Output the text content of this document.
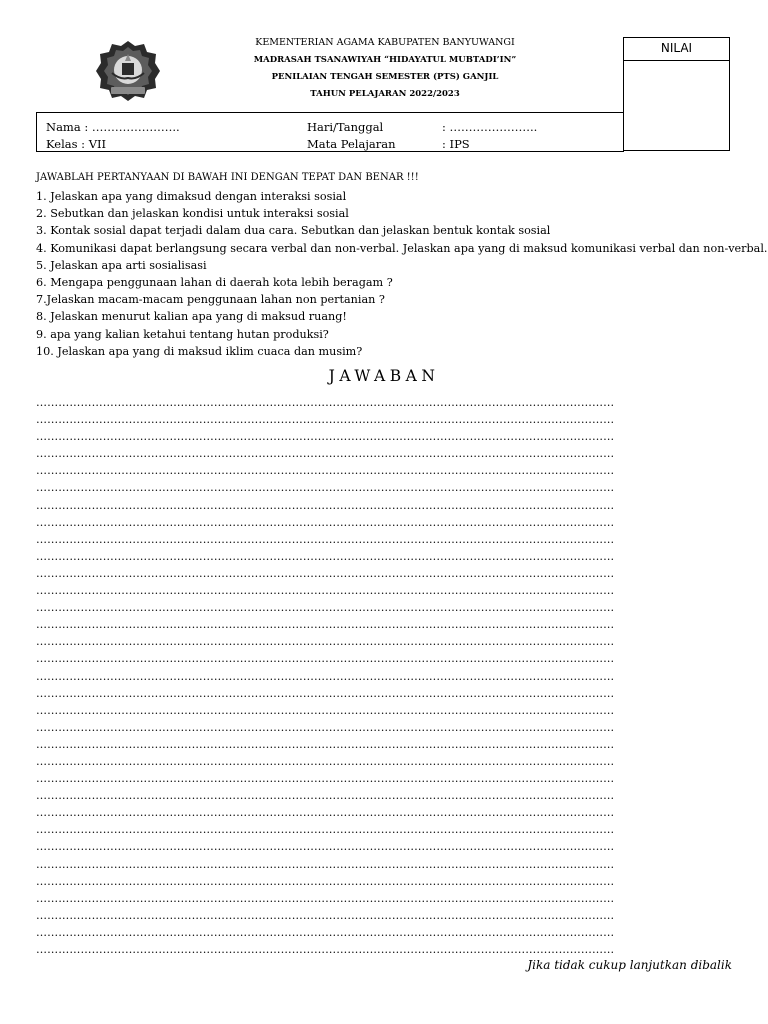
KEMENTERIAN AGAMA KABUPATEN BANYUWANGI
MADRASAH TSANAWIYAH “HIDAYATUL MUBTADI’IN”
PENILAIAN TENGAH SEMESTER (PTS) GANJIL
TAHUN PELAJARAN 2022/2023
NILAI
Nama : …………………..	Hari/Tanggal	: …………………..
Kelas : VII	Mata Pelajaran	: IPS
JAWABLAH PERTANYAAN DI BAWAH INI DENGAN TEPAT DAN BENAR !!!
1. Jelaskan apa yang dimaksud dengan interaksi sosial
2. Sebutkan dan jelaskan kondisi untuk interaksi sosial
3. Kontak sosial dapat terjadi dalam dua cara. Sebutkan dan jelaskan bentuk kontak sosial
4. Komunikasi dapat berlangsung secara verbal dan non-verbal. Jelaskan apa yang di maksud komunikasi verbal dan non-verbal.
5. Jelaskan apa arti sosialisasi
6. Mengapa penggunaan lahan di daerah kota lebih beragam ?
7.Jelaskan macam-macam penggunaan lahan non pertanian ?
8. Jelaskan menurut kalian apa yang di maksud ruang!
9. apa yang kalian ketahui tentang hutan produksi?
10. Jelaskan apa yang di maksud iklim cuaca dan musim?
JAWABAN
…………………………………………………………………………………………………………………………………………
…………………………………………………………………………………………………………………………………………
…………………………………………………………………………………………………………………………………………
…………………………………………………………………………………………………………………………………………
…………………………………………………………………………………………………………………………………………
…………………………………………………………………………………………………………………………………………
…………………………………………………………………………………………………………………………………………
…………………………………………………………………………………………………………………………………………
…………………………………………………………………………………………………………………………………………
…………………………………………………………………………………………………………………………………………
…………………………………………………………………………………………………………………………………………
…………………………………………………………………………………………………………………………………………
…………………………………………………………………………………………………………………………………………
…………………………………………………………………………………………………………………………………………
…………………………………………………………………………………………………………………………………………
…………………………………………………………………………………………………………………………………………
…………………………………………………………………………………………………………………………………………
…………………………………………………………………………………………………………………………………………
…………………………………………………………………………………………………………………………………………
…………………………………………………………………………………………………………………………………………
…………………………………………………………………………………………………………………………………………
…………………………………………………………………………………………………………………………………………
…………………………………………………………………………………………………………………………………………
…………………………………………………………………………………………………………………………………………
…………………………………………………………………………………………………………………………………………
…………………………………………………………………………………………………………………………………………
…………………………………………………………………………………………………………………………………………
…………………………………………………………………………………………………………………………………………
…………………………………………………………………………………………………………………………………………
…………………………………………………………………………………………………………………………………………
…………………………………………………………………………………………………………………………………………
…………………………………………………………………………………………………………………………………………
…………………………………………………………………………………………………………………………………………
Jika tidak cukup lanjutkan dibalik
